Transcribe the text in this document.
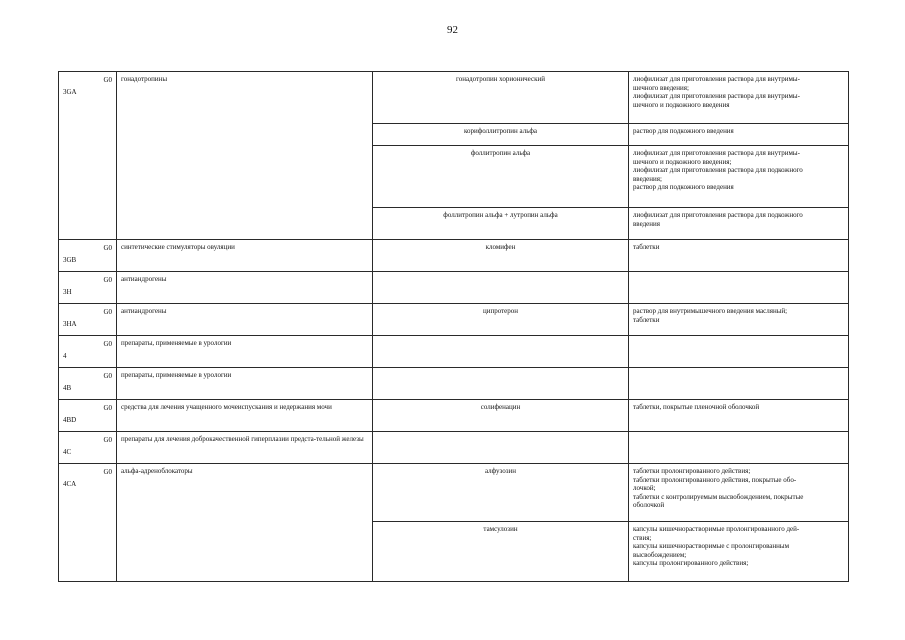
92
G0
3GA	гонадотропины	гонадотропин хорионический	лиофилизат для приготовления раствора для внутримы-
шечного введения;
лиофилизат для приготовления раствора для внутримы-
шечного и подкожного введения

		корифоллитропин альфа	раствор для подкожного введения

		фоллитропин альфа	лиофилизат для приготовления раствора для внутримы-
шечного и подкожного введения;
лиофилизат для приготовления раствора для подкожного
введения;
раствор для подкожного введения

		фоллитропин альфа + лутропин альфа	лиофилизат для приготовления раствора для подкожного
введения

G0
3GB	синтетические стимуляторы овуляции	кломифен	таблетки

G0
3H	антиандрогены		

G0
3HA	антиандрогены	ципротерон	раствор для внутримышечного введения масляный;
таблетки

G0
4	препараты, применяемые в урологии		

G0
4B	препараты, применяемые в урологии		

G0
4BD	средства для лечения учащенного мочеиспускания и недержания мочи	солифенацин	таблетки, покрытые пленочной оболочкой

G0
4C	препараты для лечения доброкачественной гиперплазии предста-тельной железы		

G0
4CA	альфа-адреноблокаторы	алфузозин	таблетки пролонгированного действия;
таблетки пролонгированного действия, покрытые обо-
лочкой;
таблетки с контролируемым высвобождением, покрытые
оболочкой

		тамсулозин	капсулы кишечнорастворимые пролонгированного дей-
ствия;
капсулы кишечнорастворимые с пролонгированным
высвобождением;
капсулы пролонгированного действия;
